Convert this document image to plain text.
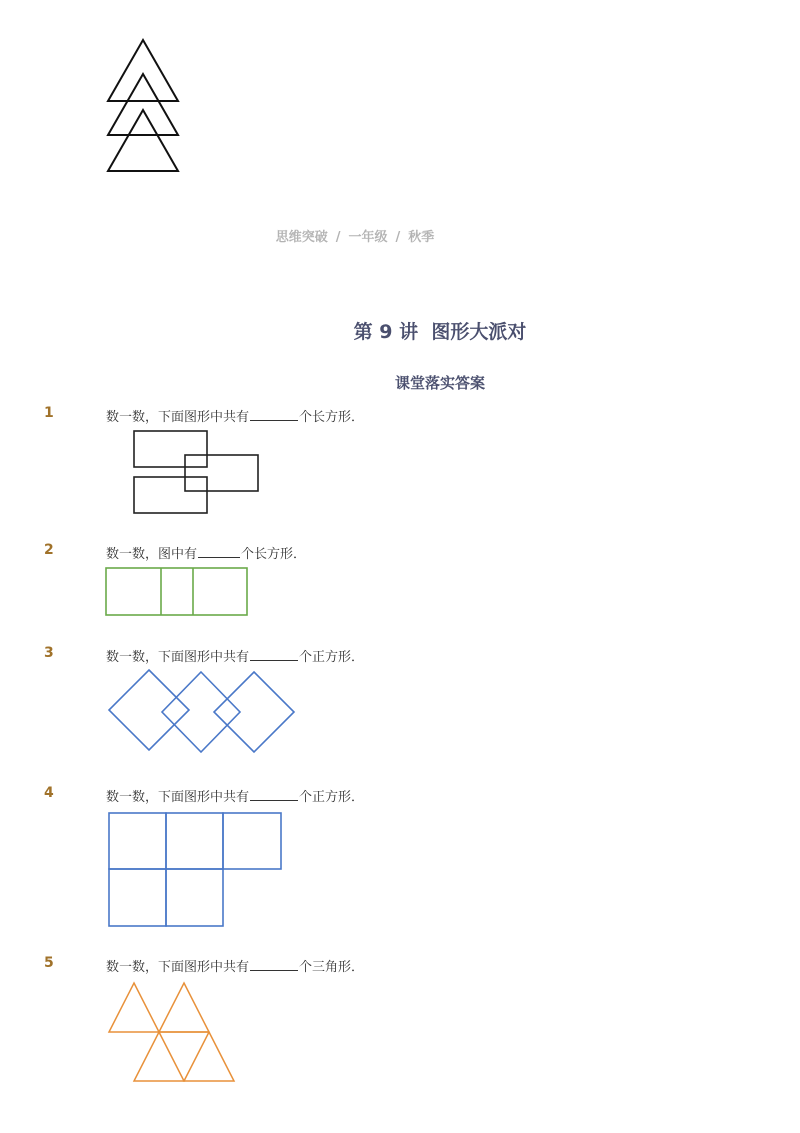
思维突破 / 一年级 / 秋季
第 9 讲  图形大派对
课堂落实答案
1	数一数，下面图形中共有	个长方形．
2	数一数，图中有	个长方形．
3	数一数，下面图形中共有	个正方形．
4	数一数，下面图形中共有	个正方形．
5	数一数，下面图形中共有	个三角形．
